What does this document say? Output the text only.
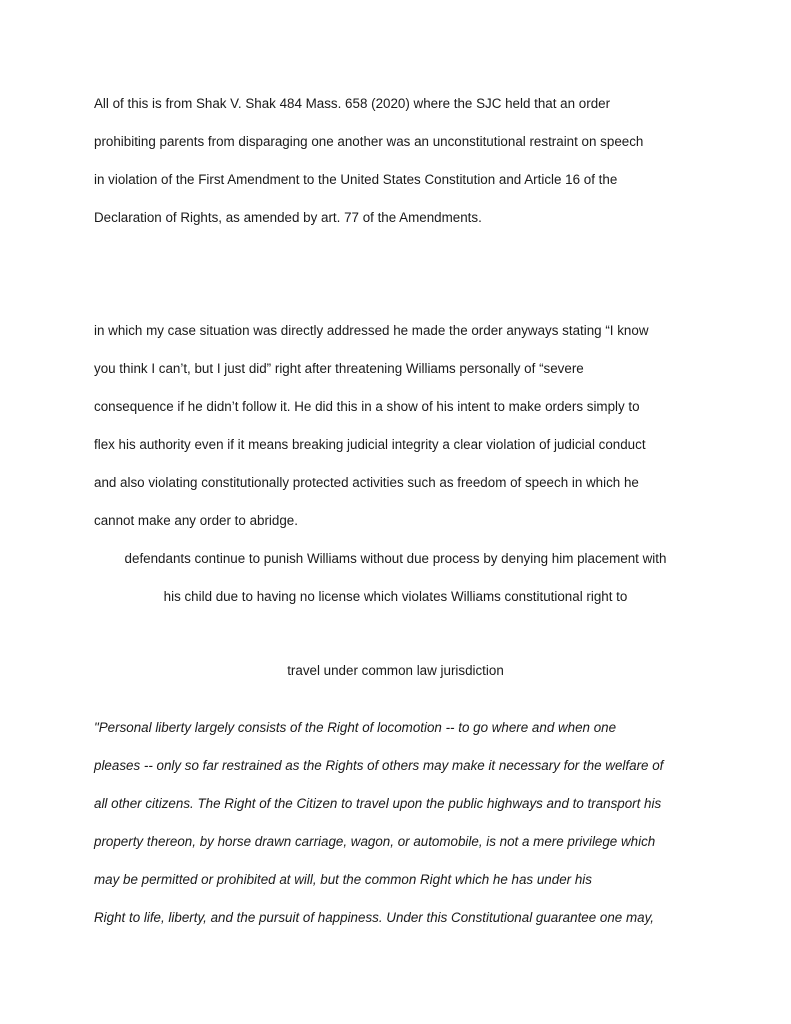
All of this is from Shak V. Shak 484 Mass. 658 (2020) where the SJC held that an order
prohibiting parents from disparaging one another was an unconstitutional restraint on speech
in violation of the First Amendment to the United States Constitution and Article 16 of the
Declaration of Rights, as amended by art. 77 of the Amendments.
in which my case situation was directly addressed he made the order anyways stating “I know
you think I can’t, but I just did” right after threatening Williams personally of “severe
consequence if he didn’t follow it. He did this in a show of his intent to make orders simply to
flex his authority even if it means breaking judicial integrity a clear violation of judicial conduct
and also violating constitutionally protected activities such as freedom of speech in which he
cannot make any order to abridge.
defendants continue to punish Williams without due process by denying him placement with
his child due to having no license which violates Williams constitutional right to
travel under common law jurisdiction
"Personal liberty largely consists of the Right of locomotion -- to go where and when one
pleases -- only so far restrained as the Rights of others may make it necessary for the welfare of
all other citizens. The Right of the Citizen to travel upon the public highways and to transport his
property thereon, by horse drawn carriage, wagon, or automobile, is not a mere privilege which
may be permitted or prohibited at will, but the common Right which he has under his
Right to life, liberty, and the pursuit of happiness. Under this Constitutional guarantee one may,
